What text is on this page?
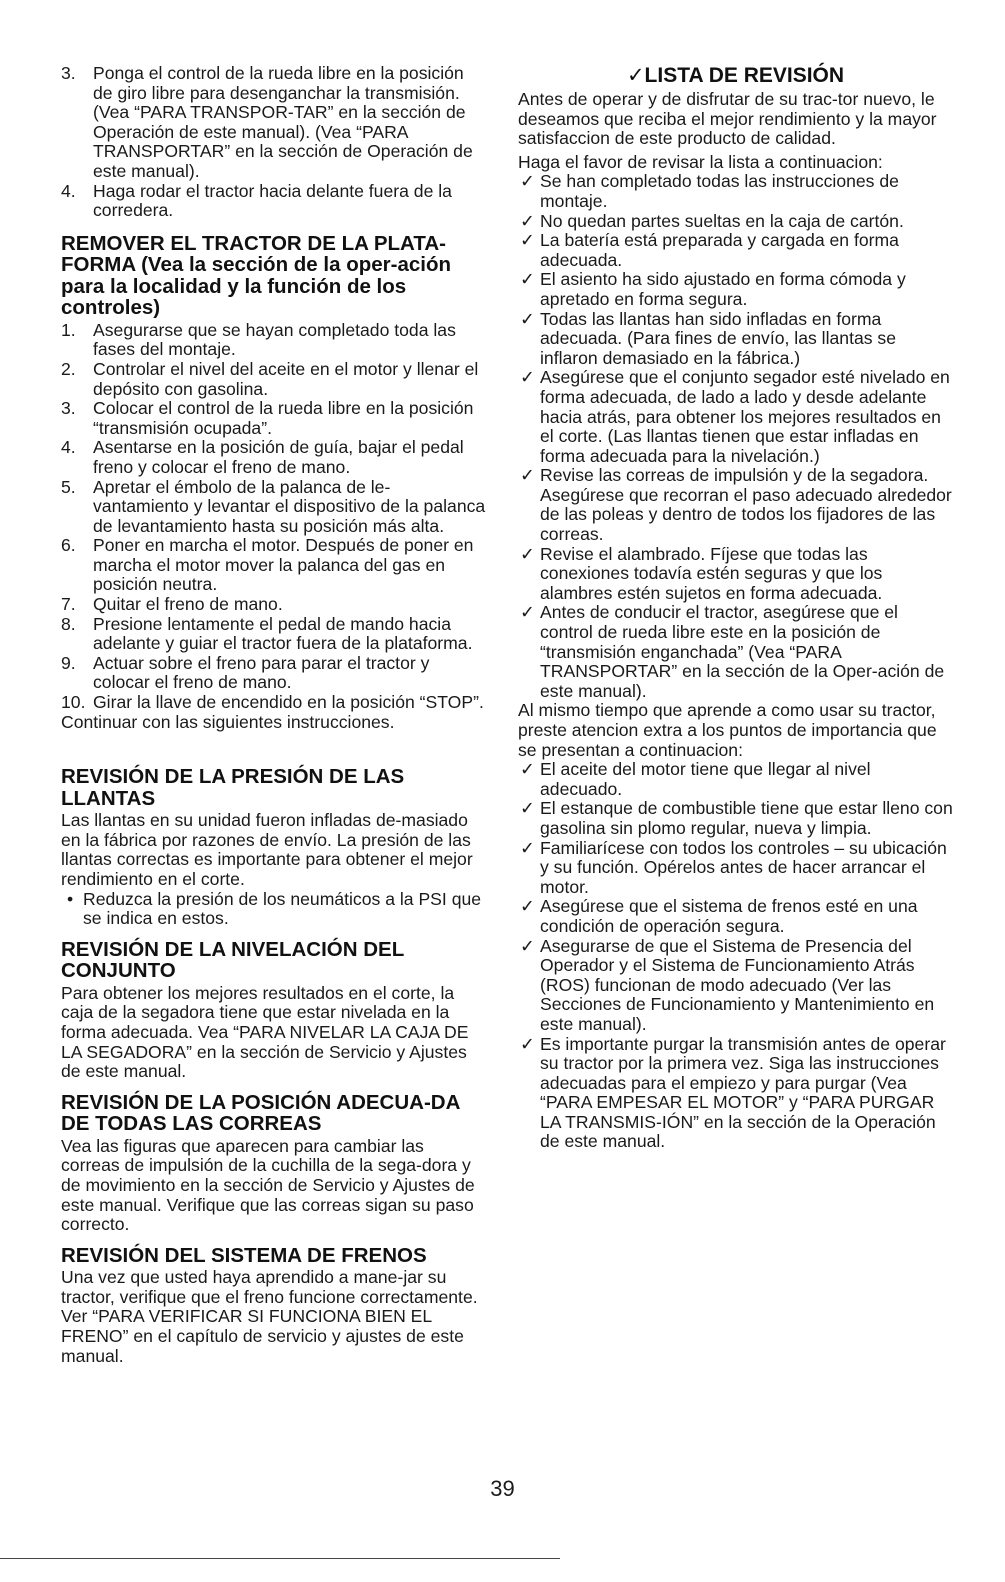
3. Ponga el control de la rueda libre en la posición de giro libre para desenganchar la transmisión. (Vea “PARA TRANSPOR-TAR” en la sección de Operación de este manual). (Vea “PARA TRANSPORTAR” en la sección de Operación de este manual).
4. Haga rodar el tractor hacia delante fuera de la corredera.
REMOVER EL TRACTOR DE LA PLATA-FORMA (Vea la sección de la oper-ación para la localidad y la función de los controles)
1. Asegurarse que se hayan completado toda las fases del montaje.
2. Controlar el nivel del aceite en el motor y llenar el depósito con gasolina.
3. Colocar el control de la rueda libre en la posición “transmisión ocupada”.
4. Asentarse en la posición de guía, bajar el pedal freno y colocar el freno de mano.
5. Apretar el émbolo de la palanca de le-vantamiento y levantar el dispositivo de la palanca de levantamiento hasta su posición más alta.
6. Poner en marcha el motor. Después de poner en marcha el motor mover la palanca del gas en posición neutra.
7. Quitar el freno de mano.
8. Presione lentamente el pedal de mando hacia adelante y guiar el tractor fuera de la plataforma.
9. Actuar sobre el freno para parar el tractor y colocar el freno de mano.
10. Girar la llave de encendido en la posición “STOP”.

Continuar con las siguientes instrucciones.

REVISIÓN DE LA PRESIÓN DE LAS LLANTAS

Las llantas en su unidad fueron infladas de-masiado en la fábrica por razones de envío. La presión de las llantas correctas es importante para obtener el mejor rendimiento en el corte.

• Reduzca la presión de los neumáticos a la PSI que se indica en estos.
REVISIÓN DE LA NIVELACIÓN DEL CONJUNTO

Para obtener los mejores resultados en el corte, la caja de la segadora tiene que estar nivelada en la forma adecuada. Vea “PARA NIVELAR LA CAJA DE LA SEGADORA” en la sección de Servicio y Ajustes de este manual.

REVISIÓN DE LA POSICIÓN ADECUA-DA DE TODAS LAS CORREAS

Vea las figuras que aparecen para cambiar las correas de impulsión de la cuchilla de la sega-dora y de movimiento en la sección de Servicio y Ajustes de este manual. Verifique que las correas sigan su paso correcto.

REVISIÓN DEL SISTEMA DE FRENOS

Una vez que usted haya aprendido a mane-jar su tractor, verifique que el freno funcione correctamente. Ver “PARA VERIFICAR SI FUNCIONA BIEN EL FRENO” en el capítulo de servicio y ajustes de este manual.

✓LISTA DE REVISIÓN

Antes de operar y de disfrutar de su trac-tor nuevo, le deseamos que reciba el mejor rendimiento y la mayor satisfaccion de este producto de calidad.

Haga el favor de revisar la lista a continuacion:

✓ Se han completado todas las instrucciones de montaje.
✓ No quedan partes sueltas en la caja de cartón.
✓ La batería está preparada y cargada en forma adecuada.
✓ El asiento ha sido ajustado en forma cómoda y apretado en forma segura.
✓ Todas las llantas han sido infladas en forma adecuada. (Para fines de envío, las llantas se inflaron demasiado en la fábrica.)
✓ Asegúrese que el conjunto segador esté nivelado en forma adecuada, de lado a lado y desde adelante hacia atrás, para obtener los mejores resultados en el corte. (Las llantas tienen que estar infladas en forma adecuada para la nivelación.)
✓ Revise las correas de impulsión y de la segadora. Asegúrese que recorran el paso adecuado alrededor de las poleas y dentro de todos los fijadores de las correas.
✓ Revise el alambrado. Fíjese que todas las conexiones todavía estén seguras y que los alambres estén sujetos en forma adecuada.
✓ Antes de conducir el tractor, asegúrese que el control de rueda libre este en la posición de “transmisión enganchada” (Vea “PARA TRANSPORTAR” en la sección de la Oper-ación de este manual).

Al mismo tiempo que aprende a como usar su tractor, preste atencion extra a los puntos de importancia que se presentan a continuacion:

✓ El aceite del motor tiene que llegar al nivel adecuado.
✓ El estanque de combustible tiene que estar lleno con gasolina sin plomo regular, nueva y limpia.
✓ Familiarícese con todos los controles – su ubicación y su función. Opérelos antes de hacer arrancar el motor.
✓ Asegúrese que el sistema de frenos esté en una condición de operación segura.
✓ Asegurarse de que el Sistema de Presencia del Operador y el Sistema de Funcionamiento Atrás (ROS) funcionan de modo adecuado (Ver las Secciones de Funcionamiento y Mantenimiento en este manual).
✓ Es importante purgar la transmisión antes de operar su tractor por la primera vez. Siga las instrucciones adecuadas para el empiezo y para purgar (Vea “PARA EMPESAR EL MOTOR” y “PARA PURGAR LA TRANSMIS-IÓN” en la sección de la Operación de este manual.
39
